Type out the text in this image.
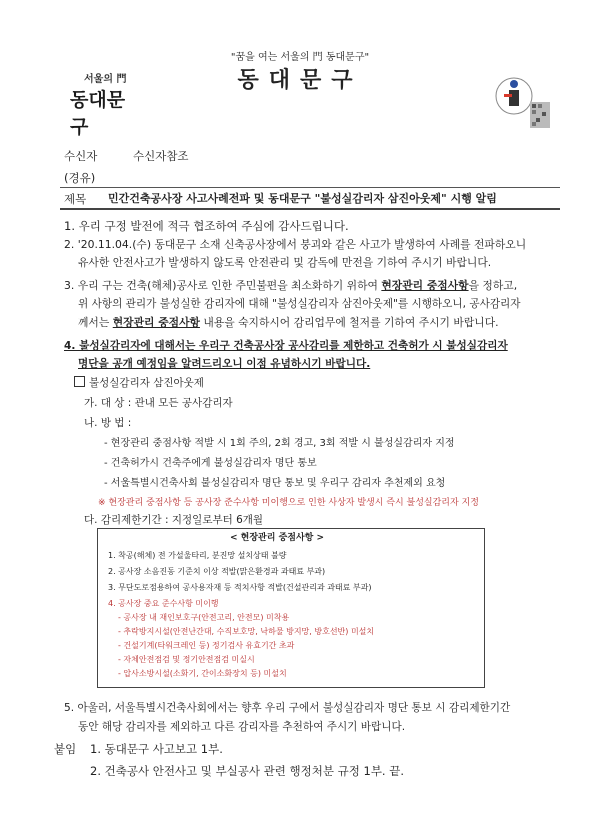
"꿈을 여는 서울의 門 동대문구"
동대문구
서울의 門
동대문구
수신자	수신자참조
(경유)
제목 민간건축공사장 사고사례전파 및 동대문구 "불성실감리자 삼진아웃제" 시행 알림
1. 우리 구정 발전에 적극 협조하여 주심에 감사드립니다.
2. '20.11.04.(수) 동대문구 소재 신축공사장에서 붕괴와 같은 사고가 발생하여 사례를 전파하오니
유사한 안전사고가 발생하지 않도록 안전관리 및 감독에 만전을 기하여 주시기 바랍니다.
3. 우리 구는 건축(해체)공사로 인한 주민불편을 최소화하기 위하여 현장관리 중점사항을 정하고,
위 사항의 관리가 불성실한 감리자에 대해 "불성실감리자 삼진아웃제"를 시행하오니, 공사감리자
께서는 현장관리 중점사항 내용을 숙지하시어 감리업무에 철저를 기하여 주시기 바랍니다.
4. 불성실감리자에 대해서는 우리구 건축공사장 공사감리를 제한하고 건축허가 시 불성실감리자
명단을 공개 예정임을 알려드리오니 이점 유념하시기 바랍니다.
불성실감리자 삼진아웃제
가. 대 상 : 관내 모든 공사감리자
나. 방 법 :
- 현장관리 중점사항 적발 시 1회 주의, 2회 경고, 3회 적발 시 불성실감리자 지정
- 건축허가시 건축주에게 불성실감리자 명단 통보
- 서울특별시건축사회 불성실감리자 명단 통보 및 우리구 감리자 추천제외 요청
※ 현장관리 중점사항 등 공사장 준수사항 미이행으로 인한 사상자 발생시 즉시 불성실감리자 지정
다. 감리제한기간 : 지정일로부터 6개월
< 현장관리 중점사항 >
1. 착공(해체) 전 가설울타리, 분진망 설치상태 불량
2. 공사장 소음진동 기준치 이상 적발(맑은환경과 과태료 부과)
3. 무단도로점용하여 공사용자재 등 적치사항 적발(건설관리과 과태료 부과)
4. 공사장 중요 준수사항 미이행
- 공사장 내 재인보호구(안전고리, 안전모) 미착용
- 추락방지시설(안전난간대, 수직보호망, 낙하물 방지망, 방호선반) 미설치
- 건설기계(타워크레인 등) 정기검사 유효기간 초과
- 자체안전점검 및 정기안전점검 미실시
- 압사소방시설(소화기, 간이소화장치 등) 미설치
5. 아울러, 서울특별시건축사회에서는 향후 우리 구에서 불성실감리자 명단 통보 시 감리제한기간
동안 해당 감리자를 제외하고 다른 감리자를 추천하여 주시기 바랍니다.
붙임 1. 동대문구 사고보고 1부.
2. 건축공사 안전사고 및 부실공사 관련 행정처분 규정 1부. 끝.
